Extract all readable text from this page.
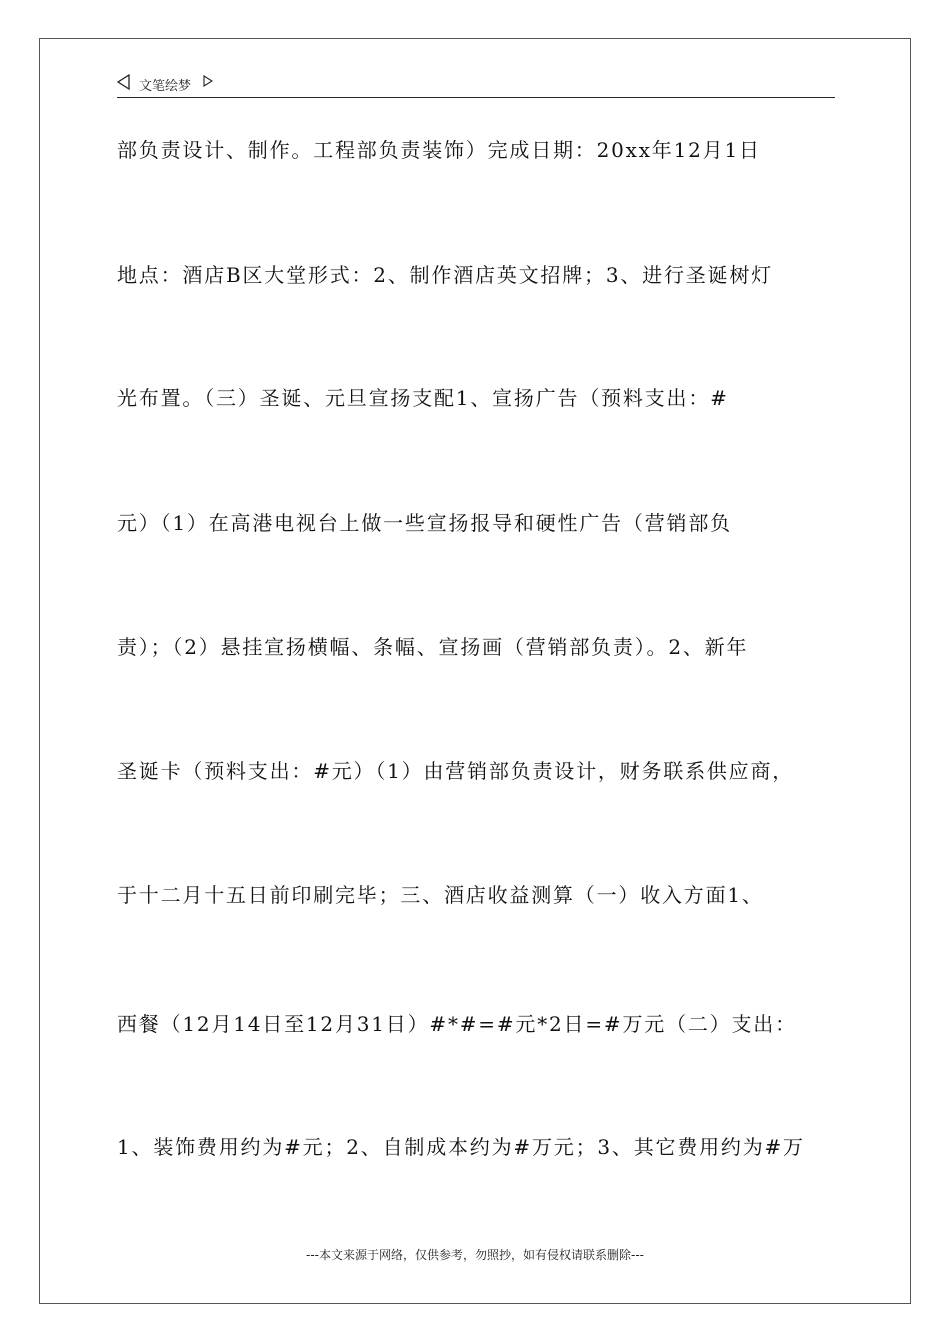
文笔绘梦
部负责设计、制作。工程部负责装饰）完成日期：20xx年12月1日
地点：酒店B区大堂形式：2、制作酒店英文招牌；3、进行圣诞树灯
光布置。（三）圣诞、元旦宣扬支配1、宣扬广告（预料支出：#
元）（1）在高港电视台上做一些宣扬报导和硬性广告（营销部负
责）；（2）悬挂宣扬横幅、条幅、宣扬画（营销部负责）。2、新年
圣诞卡（预料支出：#元）（1）由营销部负责设计，财务联系供应商，
于十二月十五日前印刷完毕；三、酒店收益测算（一）收入方面1、
西餐（12月14日至12月31日）#*#=#元*2日=#万元（二）支出：
1、装饰费用约为#元；2、自制成本约为#万元；3、其它费用约为#万
---本文来源于网络，仅供参考，勿照抄，如有侵权请联系删除---
